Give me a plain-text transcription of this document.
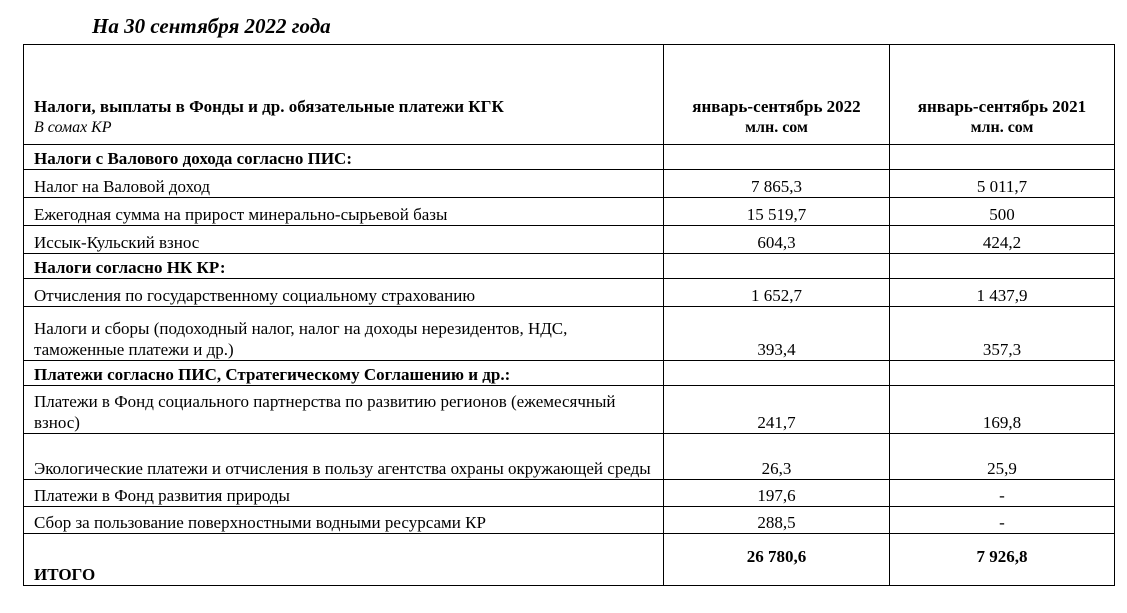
На 30 сентября 2022 года
Налоги, выплаты в Фонды и др. обязательные платежи КГК	январь-сентябрь 2022	январь-сентябрь 2021
В сомах КР	млн. сом	млн. сом
Налоги с Валового дохода согласно ПИС:		
Налог на Валовой доход	7 865,3	5 011,7
Ежегодная сумма на прирост минерально-сырьевой базы	15 519,7	500
Иссык-Кульский взнос	604,3	424,2
Налоги согласно НК КР:		
Отчисления по государственному социальному страхованию	1 652,7	1 437,9
Налоги и сборы (подоходный налог, налог на доходы нерезидентов, НДС, таможенные платежи и др.)	393,4	357,3
Платежи согласно ПИС, Стратегическому Соглашению и др.:		
Платежи в Фонд социального партнерства по развитию регионов (ежемесячный взнос)	241,7	169,8
Экологические платежи и отчисления в пользу агентства охраны окружающей среды	26,3	25,9
Платежи в Фонд развития природы	197,6	-
Сбор за пользование поверхностными водными ресурсами КР	288,5	-
ИТОГО	26 780,6	7 926,8
